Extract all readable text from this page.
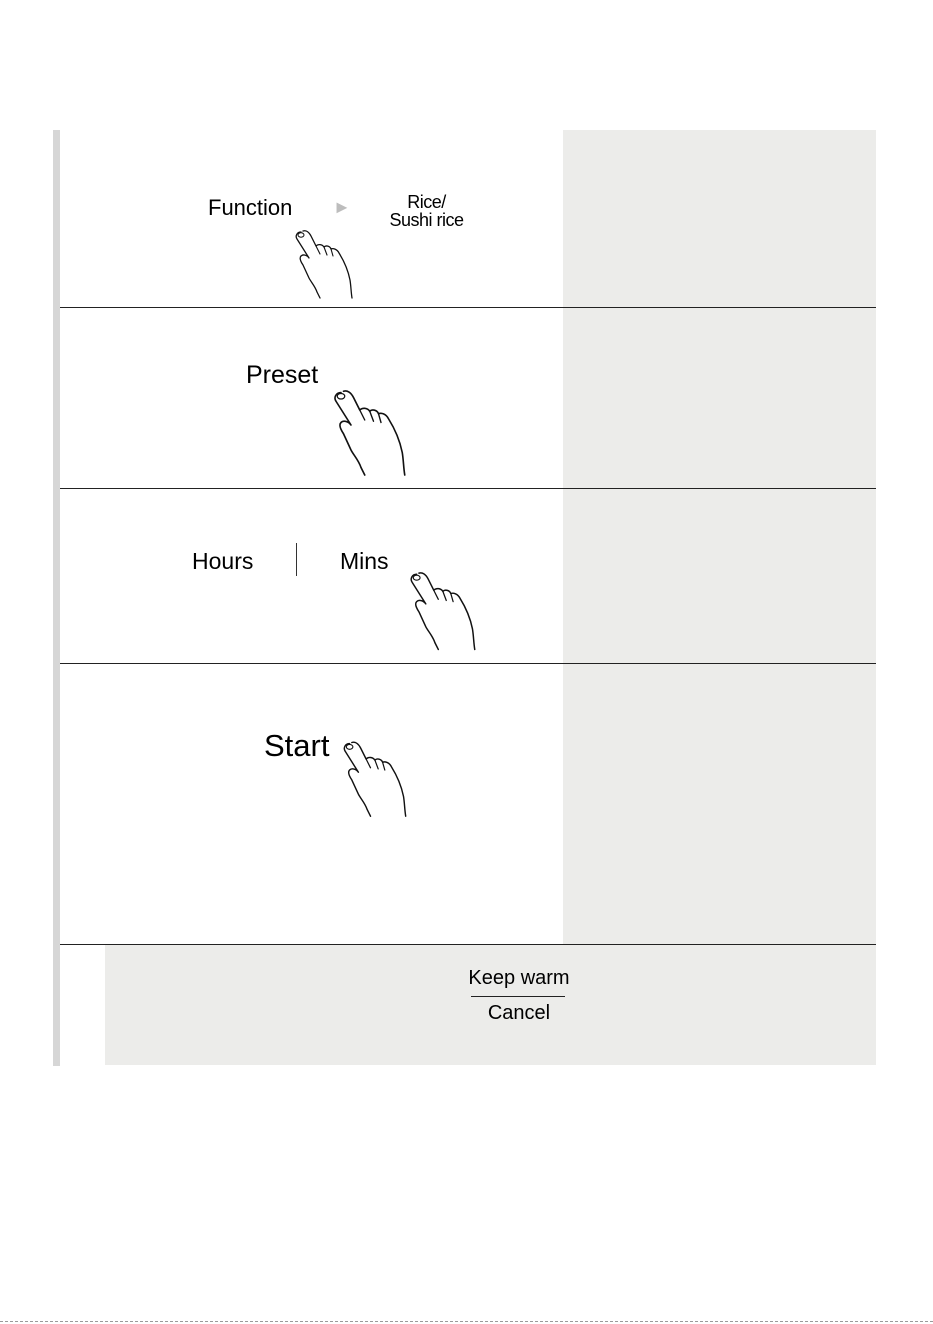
Function ►	Rice/
Sushi rice
Preset
Hours	Mins
Start
Keep warm
Cancel
